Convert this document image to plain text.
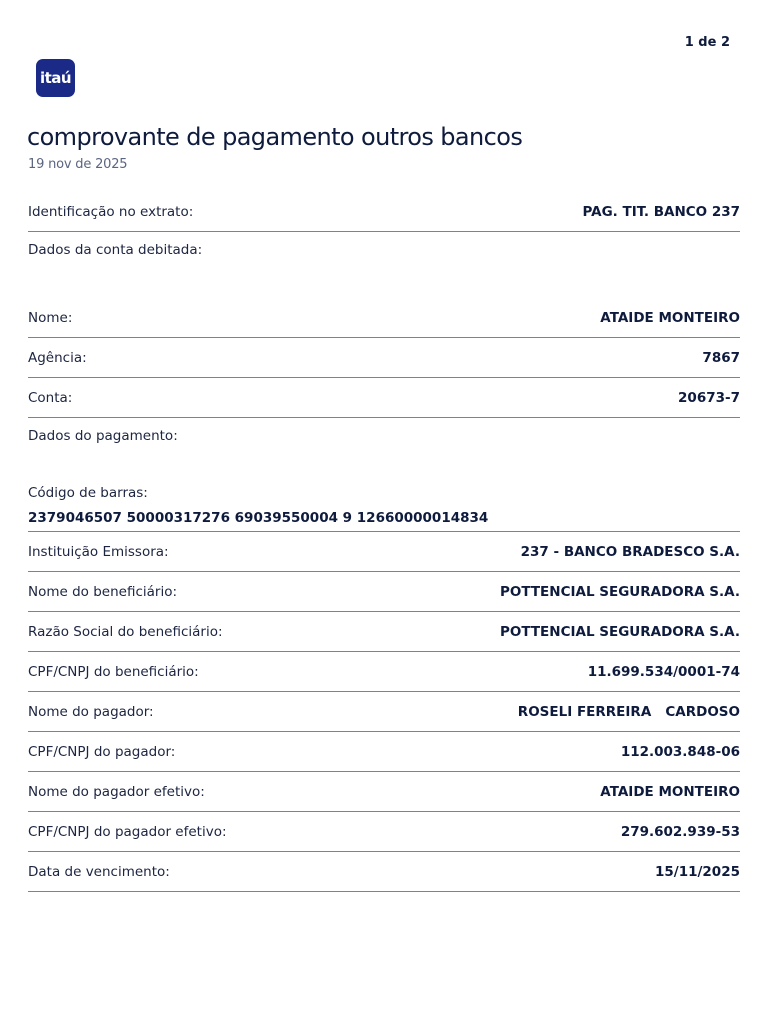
1 de 2
itaú
comprovante de pagamento outros bancos
19 nov de 2025
Identificação no extrato:	PAG. TIT. BANCO 237
Dados da conta debitada:
Nome:	ATAIDE MONTEIRO
Agência:	7867
Conta:	20673-7
Dados do pagamento:
Código de barras:
2379046507 50000317276 69039550004 9 12660000014834
Instituição Emissora:	237 - BANCO BRADESCO S.A.
Nome do beneficiário:	POTTENCIAL SEGURADORA S.A.
Razão Social do beneficiário:	POTTENCIAL SEGURADORA S.A.
CPF/CNPJ do beneficiário:	11.699.534/0001-74
Nome do pagador:	ROSELI FERREIRA   CARDOSO
CPF/CNPJ do pagador:	112.003.848-06
Nome do pagador efetivo:	ATAIDE MONTEIRO
CPF/CNPJ do pagador efetivo:	279.602.939-53
Data de vencimento:	15/11/2025
